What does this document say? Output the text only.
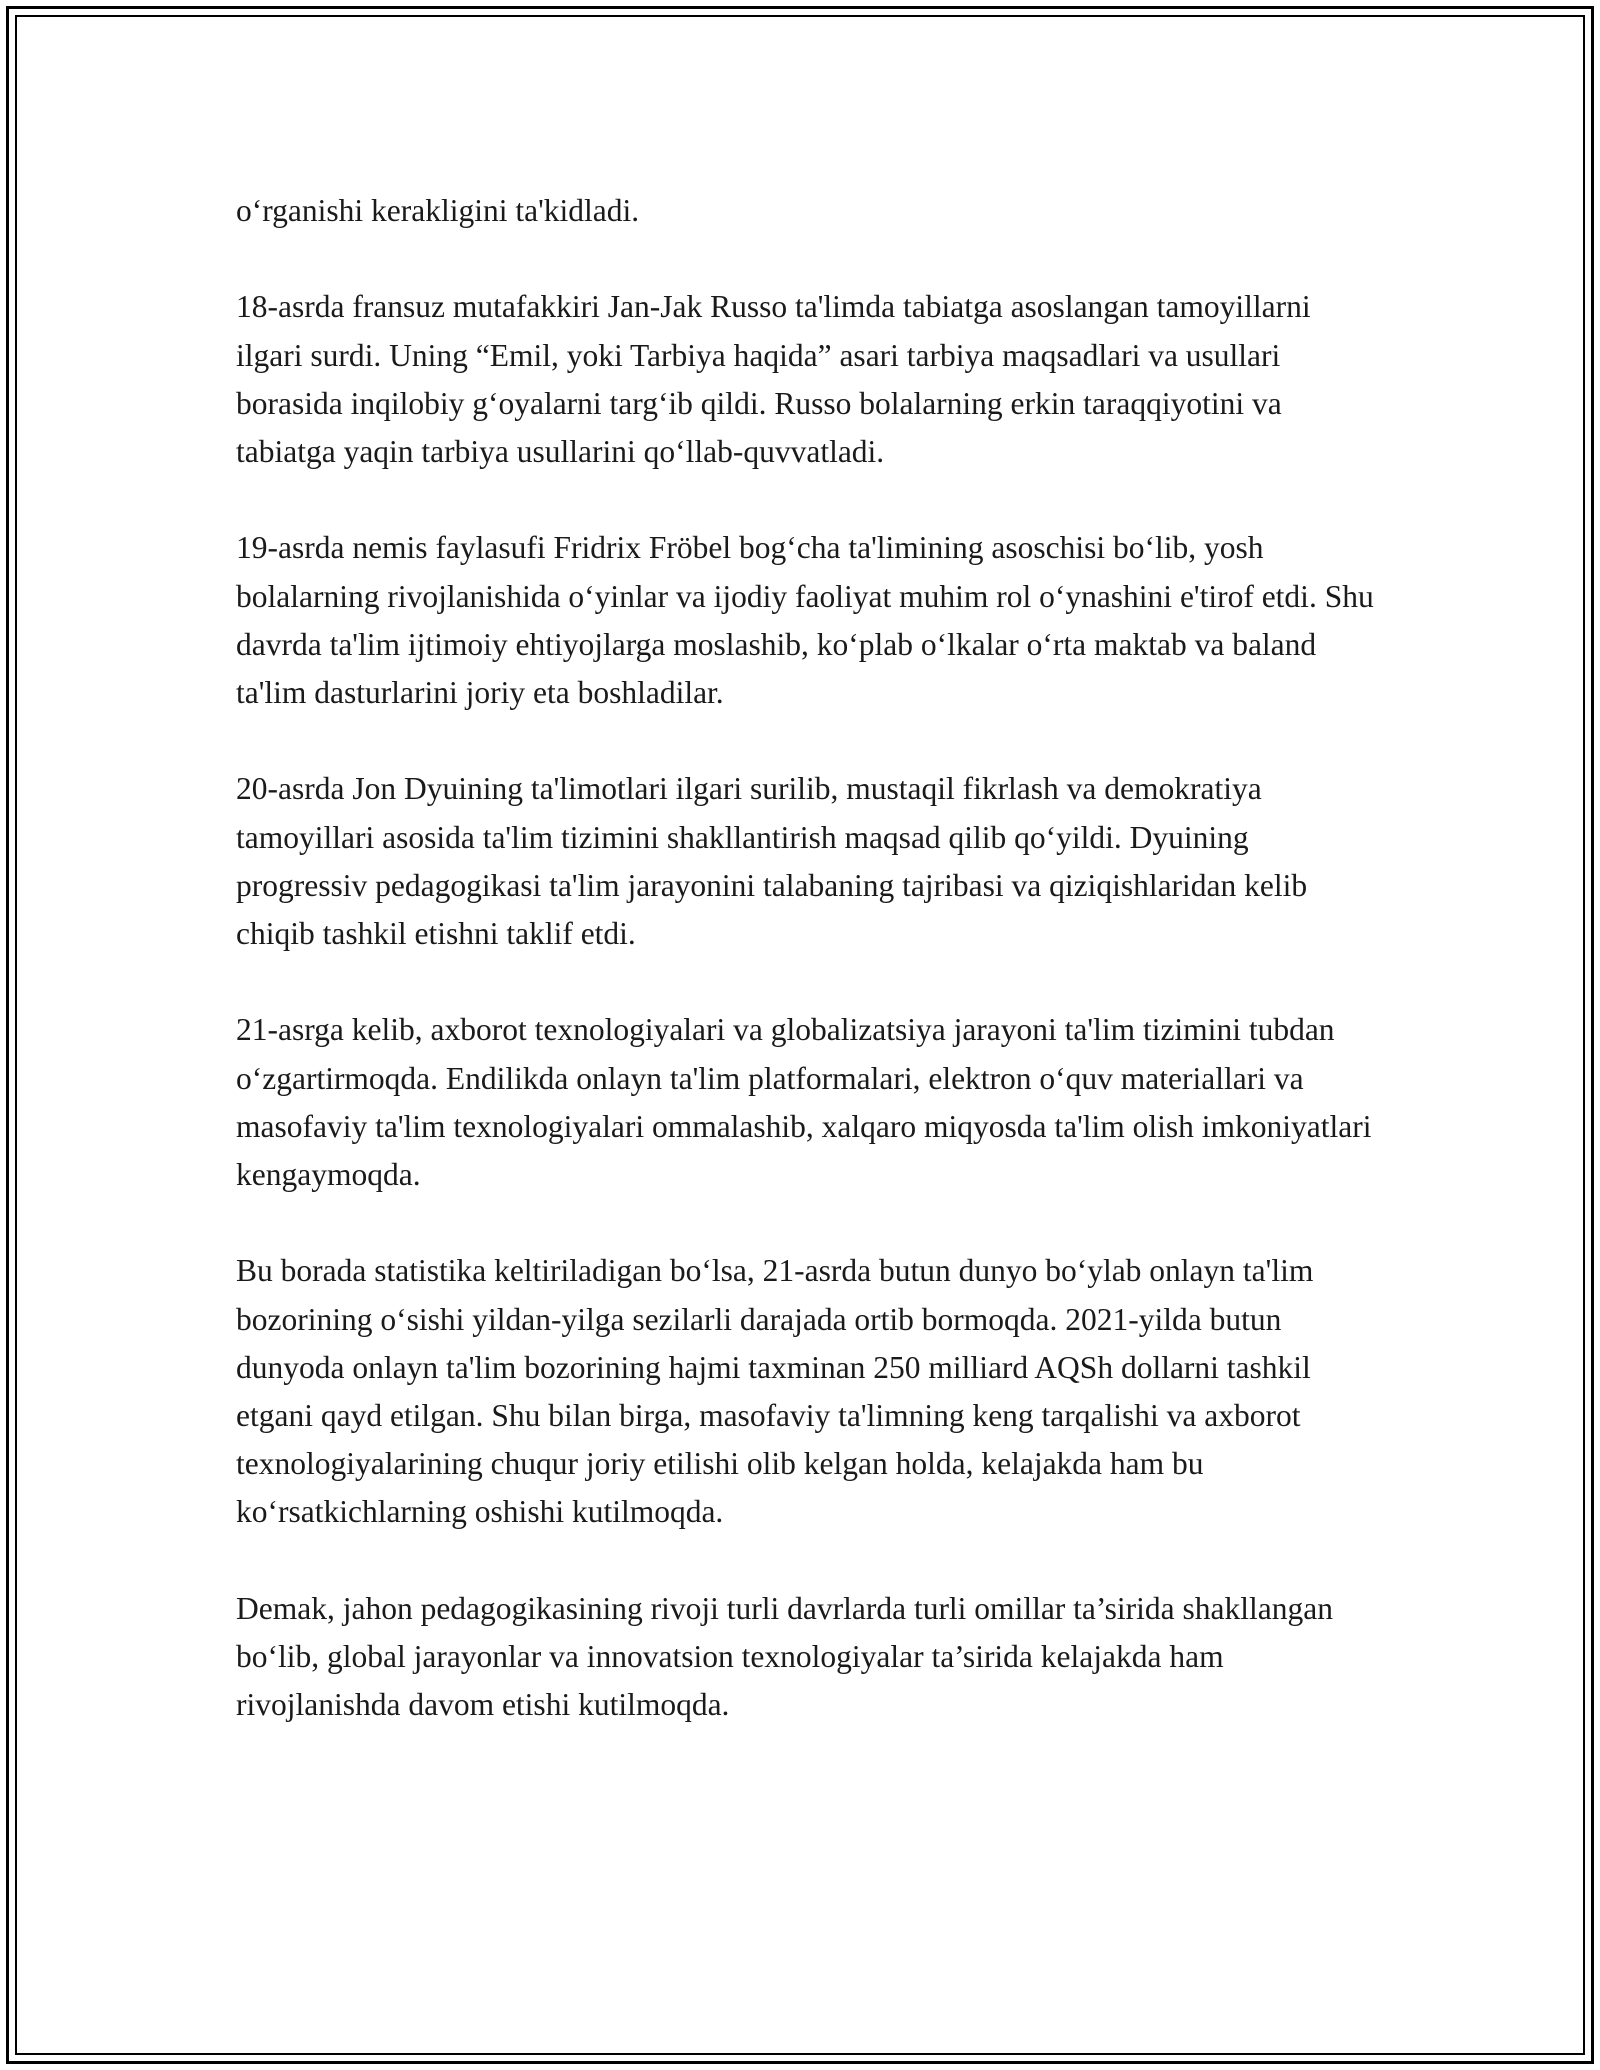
o‘rganishi kerakligini ta'kidladi.

18-asrda fransuz mutafakkiri Jan-Jak Russo ta'limda tabiatga asoslangan tamoyillarni ilgari surdi. Uning “Emil, yoki Tarbiya haqida” asari tarbiya maqsadlari va usullari borasida inqilobiy g‘oyalarni targ‘ib qildi. Russo bolalarning erkin taraqqiyotini va tabiatga yaqin tarbiya usullarini qo‘llab-quvvatladi.

19-asrda nemis faylasufi Fridrix Fröbel bog‘cha ta'limining asoschisi bo‘lib, yosh bolalarning rivojlanishida o‘yinlar va ijodiy faoliyat muhim rol o‘ynashini e'tirof etdi. Shu davrda ta'lim ijtimoiy ehtiyojlarga moslashib, ko‘plab o‘lkalar o‘rta maktab va baland ta'lim dasturlarini joriy eta boshladilar.

20-asrda Jon Dyuining ta'limotlari ilgari surilib, mustaqil fikrlash va demokratiya tamoyillari asosida ta'lim tizimini shakllantirish maqsad qilib qo‘yildi. Dyuining progressiv pedagogikasi ta'lim jarayonini talabaning tajribasi va qiziqishlaridan kelib chiqib tashkil etishni taklif etdi.

21-asrga kelib, axborot texnologiyalari va globalizatsiya jarayoni ta'lim tizimini tubdan o‘zgartirmoqda. Endilikda onlayn ta'lim platformalari, elektron o‘quv materiallari va masofaviy ta'lim texnologiyalari ommalashib, xalqaro miqyosda ta'lim olish imkoniyatlari kengaymoqda.

Bu borada statistika keltiriladigan bo‘lsa, 21-asrda butun dunyo bo‘ylab onlayn ta'lim bozorining o‘sishi yildan-yilga sezilarli darajada ortib bormoqda. 2021-yilda butun dunyoda onlayn ta'lim bozorining hajmi taxminan 250 milliard AQSh dollarni tashkil etgani qayd etilgan. Shu bilan birga, masofaviy ta'limning keng tarqalishi va axborot texnologiyalarining chuqur joriy etilishi olib kelgan holda, kelajakda ham bu ko‘rsatkichlarning oshishi kutilmoqda.

Demak, jahon pedagogikasining rivoji turli davrlarda turli omillar ta’sirida shakllangan bo‘lib, global jarayonlar va innovatsion texnologiyalar ta’sirida kelajakda ham rivojlanishda davom etishi kutilmoqda.
